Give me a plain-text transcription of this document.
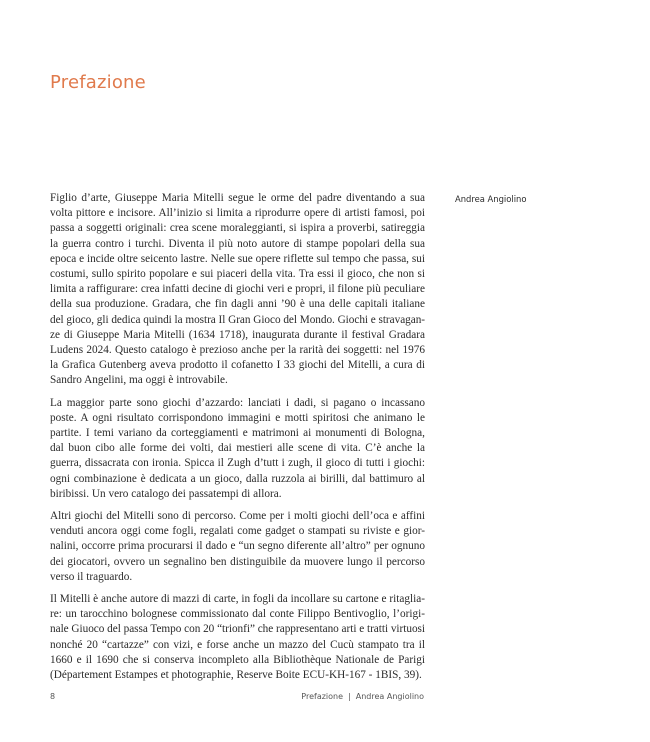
Prefazione
Andrea Angiolino

Figlio d’arte, Giuseppe Maria Mitelli segue le orme del padre diventando a sua
volta pittore e incisore. All’inizio si limita a riprodurre opere di artisti famosi, poi
passa a soggetti originali: crea scene moraleggianti, si ispira a proverbi, satireggia
la guerra contro i turchi. Diventa il più noto autore di stampe popolari della sua
epoca e incide oltre seicento lastre. Nelle sue opere riflette sul tempo che passa, sui
costumi, sullo spirito popolare e sui piaceri della vita. Tra essi il gioco, che non si
limita a raffigurare: crea infatti decine di giochi veri e propri, il filone più peculiare
della sua produzione. Gradara, che fin dagli anni ’90 è una delle capitali italiane
del gioco, gli dedica quindi la mostra Il Gran Gioco del Mondo. Giochi e stravagan-
ze di Giuseppe Maria Mitelli (1634 1718), inaugurata durante il festival Gradara
Ludens 2024. Questo catalogo è prezioso anche per la rarità dei soggetti: nel 1976
la Grafica Gutenberg aveva prodotto il cofanetto I 33 giochi del Mitelli, a cura di
Sandro Angelini, ma oggi è introvabile.

La maggior parte sono giochi d’azzardo: lanciati i dadi, si pagano o incassano
poste. A ogni risultato corrispondono immagini e motti spiritosi che animano le
partite. I temi variano da corteggiamenti e matrimoni ai monumenti di Bologna,
dal buon cibo alle forme dei volti, dai mestieri alle scene di vita. C’è anche la
guerra, dissacrata con ironia. Spicca il Zugh d’tutt i zugh, il gioco di tutti i giochi:
ogni combinazione è dedicata a un gioco, dalla ruzzola ai birilli, dal battimuro al
biribissi. Un vero catalogo dei passatempi di allora.

Altri giochi del Mitelli sono di percorso. Come per i molti giochi dell’oca e affini
venduti ancora oggi come fogli, regalati come gadget o stampati su riviste e gior-
nalini, occorre prima procurarsi il dado e “un segno diferente all’altro” per ognuno
dei giocatori, ovvero un segnalino ben distinguibile da muovere lungo il percorso
verso il traguardo.

Il Mitelli è anche autore di mazzi di carte, in fogli da incollare su cartone e ritaglia-
re: un tarocchino bolognese commissionato dal conte Filippo Bentivoglio, l’origi-
nale Giuoco del passa Tempo con 20 “trionfi” che rappresentano arti e tratti virtuosi
nonché 20 “cartazze” con vizi, e forse anche un mazzo del Cucù stampato tra il
1660 e il 1690 che si conserva incompleto alla Bibliothèque Nationale de Parigi
(Département Estampes et photographie, Reserve Boite ECU-KH-167 - 1BIS, 39).

8	Prefazione | Andrea Angiolino
